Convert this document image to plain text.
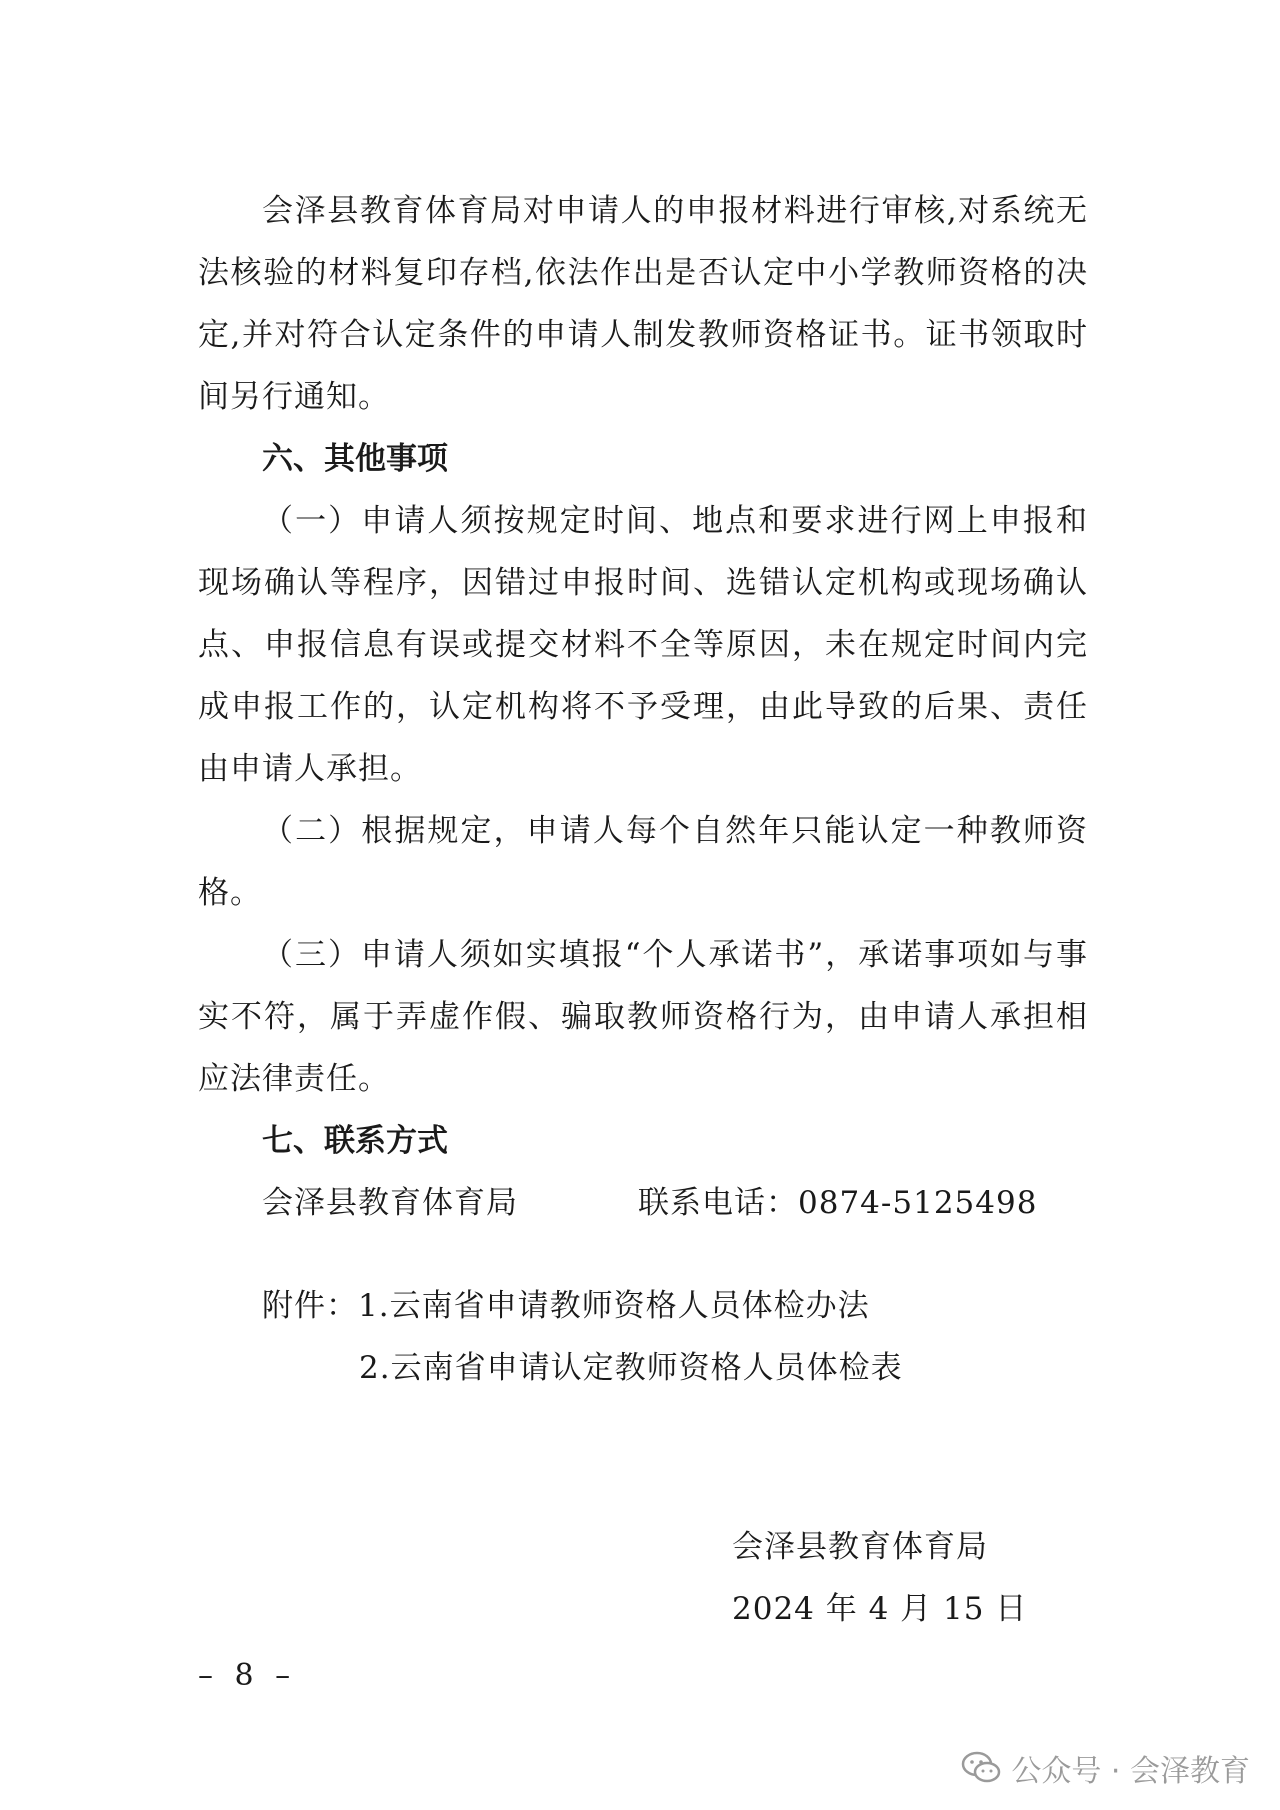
会泽县教育体育局对申请人的申报材料进行审核,对系统无法核验的材料复印存档,依法作出是否认定中小学教师资格的决定,并对符合认定条件的申请人制发教师资格证书。证书领取时间另行通知。

六、其他事项

（一）申请人须按规定时间、地点和要求进行网上申报和现场确认等程序，因错过申报时间、选错认定机构或现场确认点、申报信息有误或提交材料不全等原因，未在规定时间内完成申报工作的，认定机构将不予受理，由此导致的后果、责任由申请人承担。

（二）根据规定，申请人每个自然年只能认定一种教师资格。

（三）申请人须如实填报“个人承诺书”，承诺事项如与事实不符，属于弄虚作假、骗取教师资格行为，由申请人承担相应法律责任。

七、联系方式

会泽县教育体育局	联系电话：0874-5125498
附件：1.云南省申请教师资格人员体检办法
2.云南省申请认定教师资格人员体检表
会泽县教育体育局
2024 年 4 月 15 日
– 8 –
公众号 · 会泽教育
